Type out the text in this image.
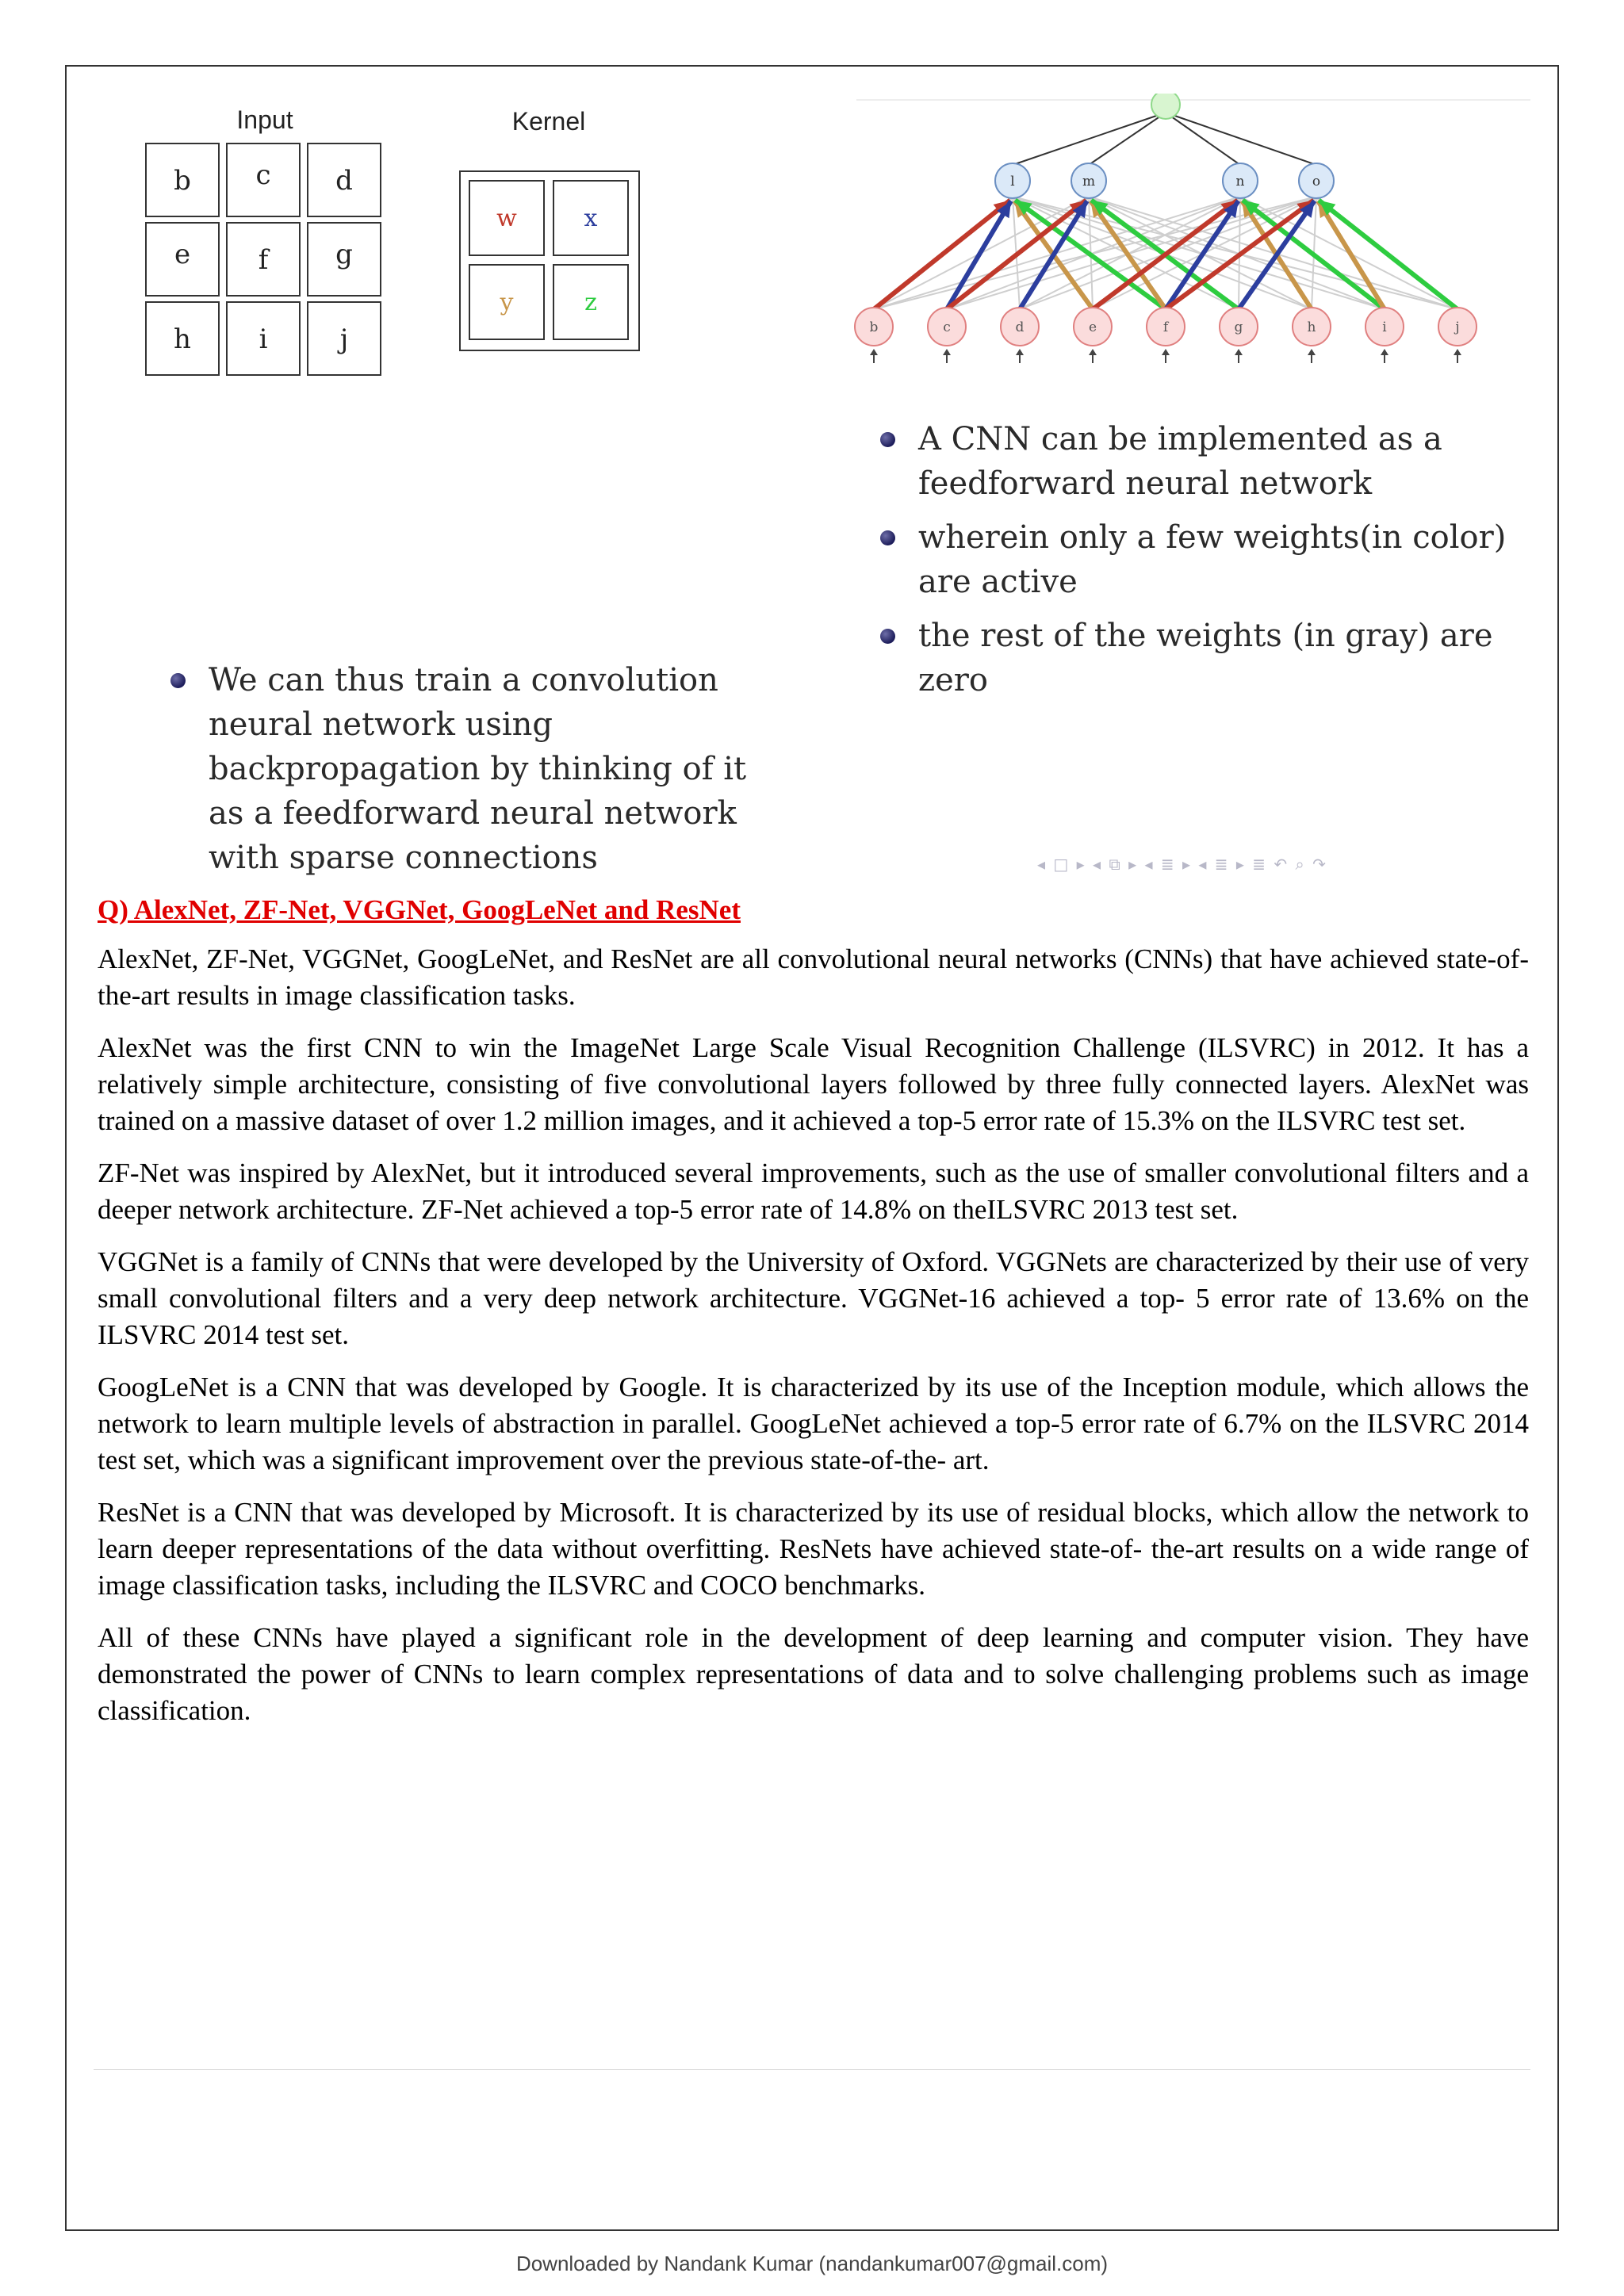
Input
b c d
e	f g
h	i	j
Kernel
w	x
y	z
l	m	n	o
b	c	d	e	f	g	h	i	j
A CNN can be implemented as a feedforward neural network
wherein only a few weights(in color) are active
the rest of the weights (in gray) are zero
We can thus train a convolution neural network using backpropagation by thinking of it as a feedforward neural network with sparse connections	◂ □ ▸ ◂ ⧉ ▸ ◂ ≣ ▸ ◂ ≣ ▸ ≣ ↶ ⌕ ↷
Q) AlexNet, ZF-Net, VGGNet, GoogLeNet and ResNet

AlexNet, ZF-Net, VGGNet, GoogLeNet, and ResNet are all convolutional neural networks (CNNs) that have achieved state-of-the-art results in image classification tasks.

AlexNet was the first CNN to win the ImageNet Large Scale Visual Recognition Challenge (ILSVRC) in 2012. It has a relatively simple architecture, consisting of five convolutional layers followed by three fully connected layers. AlexNet was trained on a massive dataset of over 1.2 million images, and it achieved a top-5 error rate of 15.3% on the ILSVRC test set.

ZF-Net was inspired by AlexNet, but it introduced several improvements, such as the use of smaller convolutional filters and a deeper network architecture. ZF-Net achieved a top-5 error rate of 14.8% on theILSVRC 2013 test set.

VGGNet is a family of CNNs that were developed by the University of Oxford. VGGNets are characterized by their use of very small convolutional filters and a very deep network architecture. VGGNet-16 achieved a top- 5 error rate of 13.6% on the ILSVRC 2014 test set.

GoogLeNet is a CNN that was developed by Google. It is characterized by its use of the Inception module, which allows the network to learn multiple levels of abstraction in parallel. GoogLeNet achieved a top-5 error rate of 6.7% on the ILSVRC 2014 test set, which was a significant improvement over the previous state-of-the- art.

ResNet is a CNN that was developed by Microsoft. It is characterized by its use of residual blocks, which allow the network to learn deeper representations of the data without overfitting. ResNets have achieved state-of- the-art results on a wide range of image classification tasks, including the ILSVRC and COCO benchmarks.

All of these CNNs have played a significant role in the development of deep learning and computer vision. They have demonstrated the power of CNNs to learn complex representations of data and to solve challenging problems such as image classification.

Downloaded by Nandank Kumar (nandankumar007@gmail.com)
